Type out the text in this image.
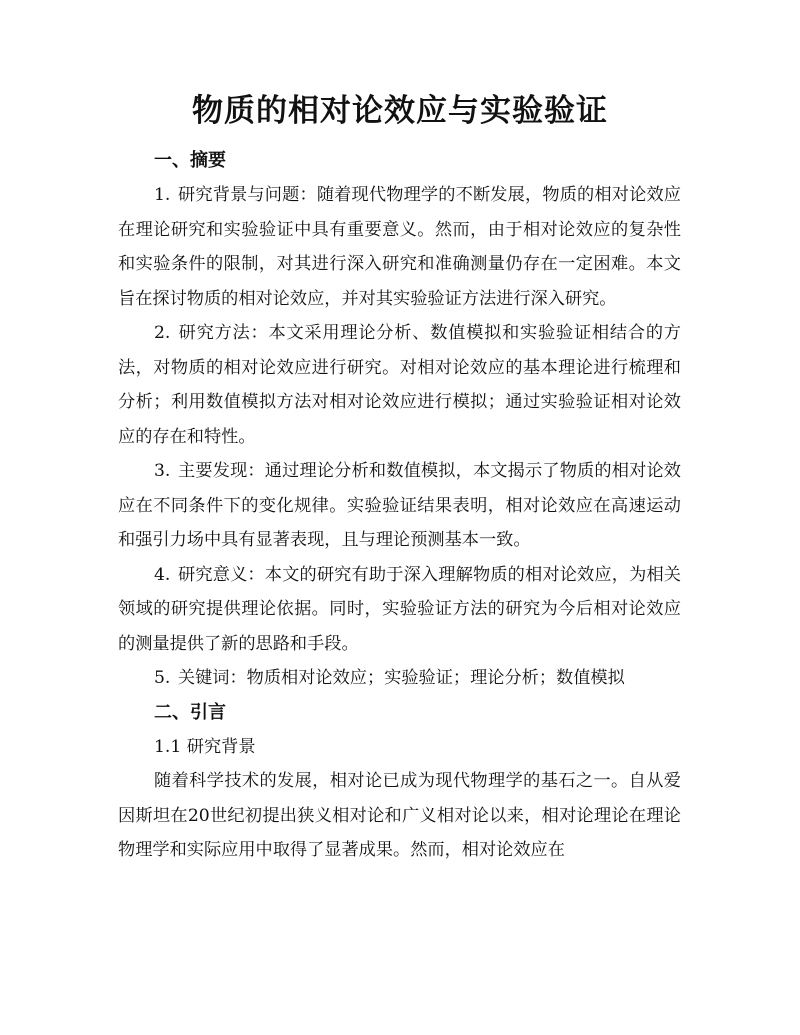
物质的相对论效应与实验验证
一、摘要

1. 研究背景与问题：随着现代物理学的不断发展，物质的相对论效应在理论研究和实验验证中具有重要意义。然而，由于相对论效应的复杂性和实验条件的限制，对其进行深入研究和准确测量仍存在一定困难。本文旨在探讨物质的相对论效应，并对其实验验证方法进行深入研究。

2. 研究方法：本文采用理论分析、数值模拟和实验验证相结合的方法，对物质的相对论效应进行研究。对相对论效应的基本理论进行梳理和分析；利用数值模拟方法对相对论效应进行模拟；通过实验验证相对论效应的存在和特性。

3. 主要发现：通过理论分析和数值模拟，本文揭示了物质的相对论效应在不同条件下的变化规律。实验验证结果表明，相对论效应在高速运动和强引力场中具有显著表现，且与理论预测基本一致。

4. 研究意义：本文的研究有助于深入理解物质的相对论效应，为相关领域的研究提供理论依据。同时，实验验证方法的研究为今后相对论效应的测量提供了新的思路和手段。

5. 关键词：物质相对论效应；实验验证；理论分析；数值模拟

二、引言

1.1 研究背景

随着科学技术的发展，相对论已成为现代物理学的基石之一。自从爱因斯坦在20世纪初提出狭义相对论和广义相对论以来，相对论理论在理论物理学和实际应用中取得了显著成果。然而，相对论效应在
